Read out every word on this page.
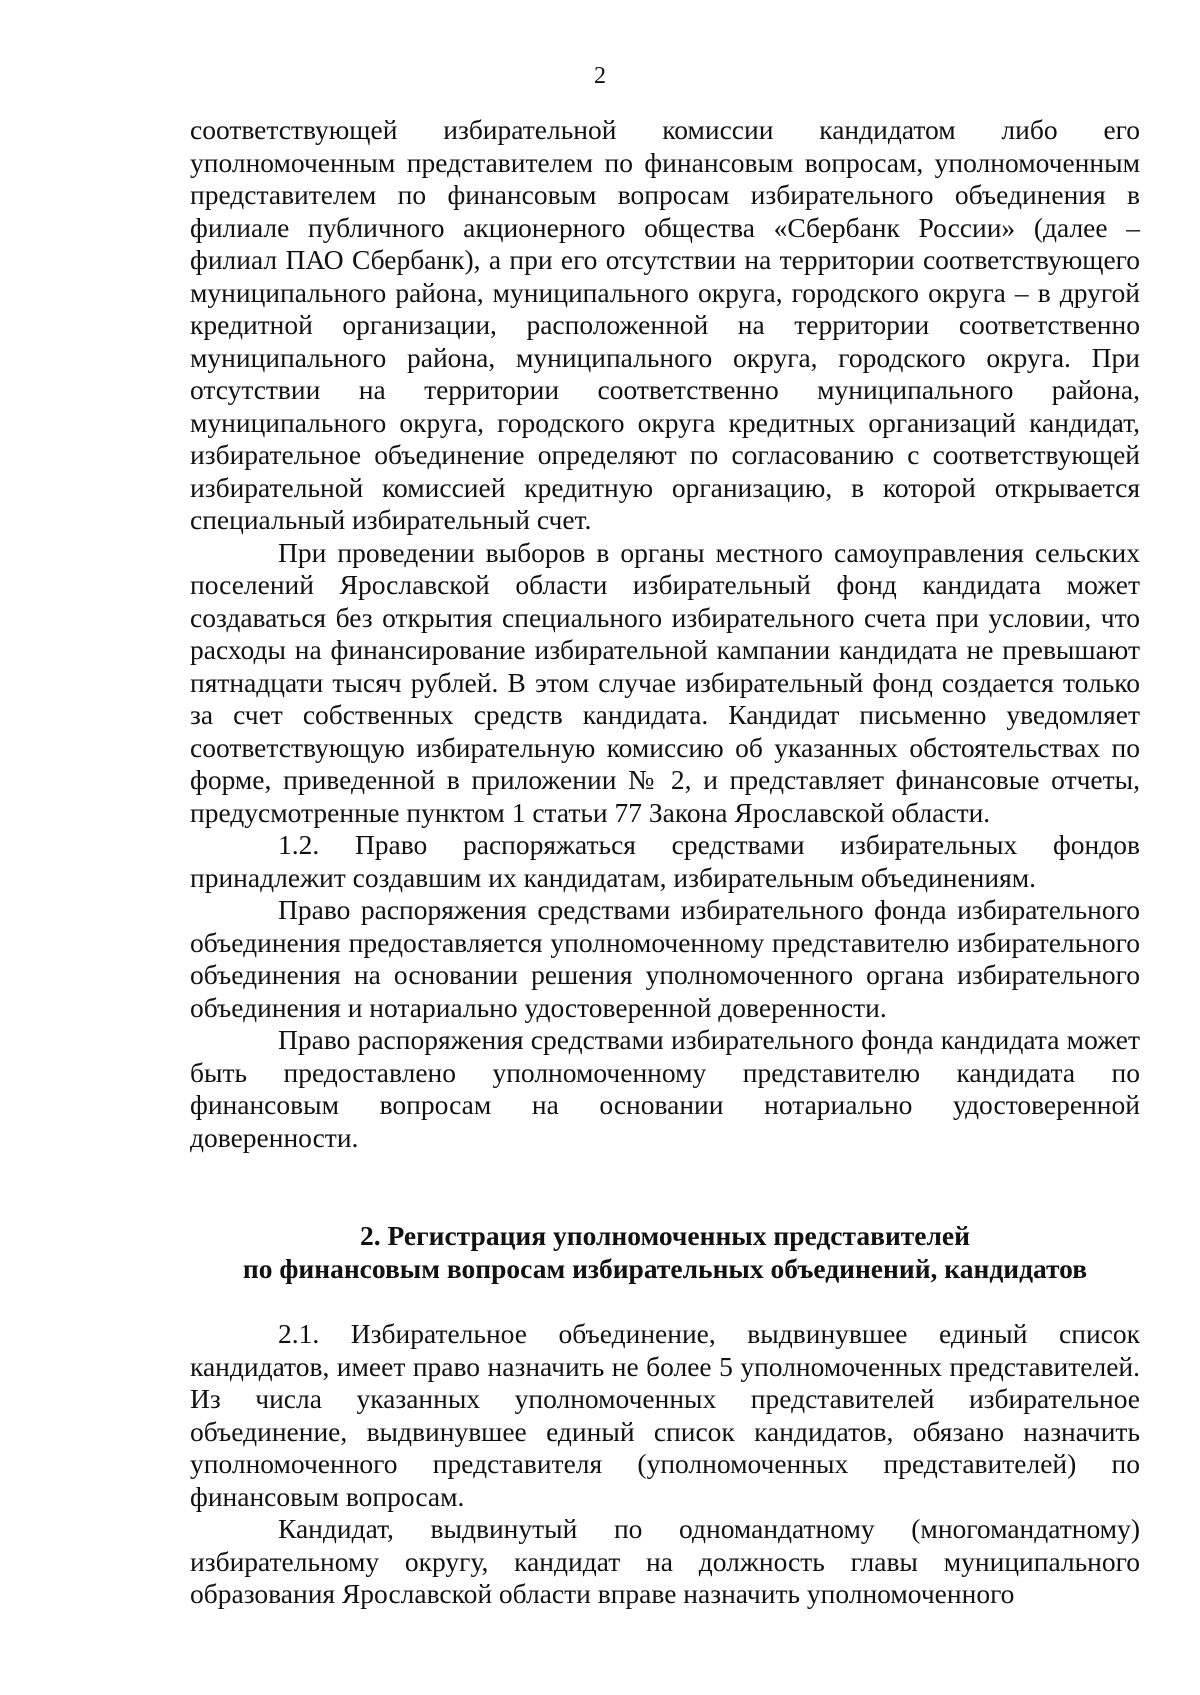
2

соответствующей избирательной комиссии кандидатом либо его уполномоченным представителем по финансовым вопросам, уполномоченным представителем по финансовым вопросам избирательного объединения в филиале публичного акционерного общества «Сбербанк России» (далее – филиал ПАО Сбербанк), а при его отсутствии на территории соответствующего муниципального района, муниципального округа, городского округа – в другой кредитной организации, расположенной на территории соответственно муниципального района, муниципального округа, городского округа. При отсутствии на территории соответственно муниципального района, муниципального округа, городского округа кредитных организаций кандидат, избирательное объединение определяют по согласованию с соответствующей избирательной комиссией кредитную организацию, в которой открывается специальный избирательный счет.

При проведении выборов в органы местного самоуправления сельских поселений Ярославской области избирательный фонд кандидата может создаваться без открытия специального избирательного счета при условии, что расходы на финансирование избирательной кампании кандидата не превышают пятнадцати тысяч рублей. В этом случае избирательный фонд создается только за счет собственных средств кандидата. Кандидат письменно уведомляет соответствующую избирательную комиссию об указанных обстоятельствах по форме, приведенной в приложении № 2, и представляет финансовые отчеты, предусмотренные пунктом 1 статьи 77 Закона Ярославской области.

1.2. Право распоряжаться средствами избирательных фондов принадлежит создавшим их кандидатам, избирательным объединениям.

Право распоряжения средствами избирательного фонда избирательного объединения предоставляется уполномоченному представителю избирательного объединения на основании решения уполномоченного органа избирательного объединения и нотариально удостоверенной доверенности.

Право распоряжения средствами избирательного фонда кандидата может быть предоставлено уполномоченному представителю кандидата по финансовым вопросам на основании нотариально удостоверенной доверенности.

2. Регистрация уполномоченных представителей

по финансовым вопросам избирательных объединений, кандидатов

2.1. Избирательное объединение, выдвинувшее единый список кандидатов, имеет право назначить не более 5 уполномоченных представителей. Из числа указанных уполномоченных представителей избирательное объединение, выдвинувшее единый список кандидатов, обязано назначить уполномоченного представителя (уполномоченных представителей) по финансовым вопросам.

Кандидат, выдвинутый по одномандатному (многомандатному) избирательному округу, кандидат на должность главы муниципального образования Ярославской области вправе назначить уполномоченного
